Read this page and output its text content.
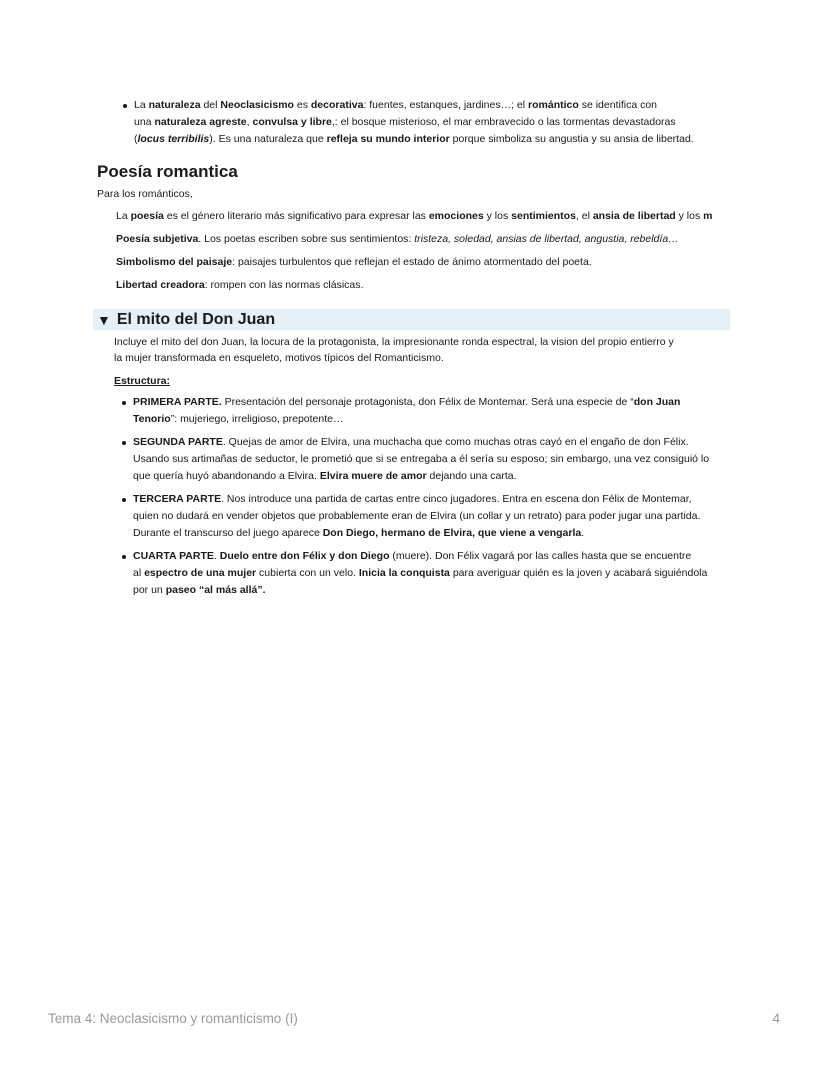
La naturaleza del Neoclasicismo es decorativa: fuentes, estanques, jardines…; el romántico se identifica con
una naturaleza agreste, convulsa y libre,: el bosque misterioso, el mar embravecido o las tormentas devastadoras
(locus terribilis). Es una naturaleza que refleja su mundo interior porque simboliza su angustia y su ansia de libertad.
Poesía romantica

Para los románticos,

La poesía es el género literario más significativo para expresar las emociones y los sentimientos, el ansia de libertad y los m
Poesía subjetiva. Los poetas escriben sobre sus sentimientos: tristeza, soledad, ansias de libertad, angustia, rebeldía…
Simbolismo del paisaje: paisajes turbulentos que reflejan el estado de ánimo atormentado del poeta.
Libertad creadora: rompen con las normas clásicas.
▼ El mito del Don Juan

Incluye el mito del don Juan, la locura de la protagonista, la impresionante ronda espectral, la vision del propio entierro y
la mujer transformada en esqueleto, motivos típicos del Romanticismo.

Estructura:

PRIMERA PARTE. Presentación del personaje protagonista, don Félix de Montemar. Será una especie de “don Juan
Tenorio”: mujeriego, irreligioso, prepotente…
SEGUNDA PARTE. Quejas de amor de Elvira, una muchacha que como muchas otras cayó en el engaño de don Félix.
Usando sus artimañas de seductor, le prometió que si se entregaba a él sería su esposo; sin embargo, una vez consiguió lo
que quería huyó abandonando a Elvira. Elvira muere de amor dejando una carta.
TERCERA PARTE. Nos introduce una partida de cartas entre cinco jugadores. Entra en escena don Félix de Montemar,
quien no dudará en vender objetos que probablemente eran de Elvira (un collar y un retrato) para poder jugar una partida.
Durante el transcurso del juego aparece Don Diego, hermano de Elvira, que viene a vengarla.
CUARTA PARTE. Duelo entre don Félix y don Diego (muere). Don Félix vagará por las calles hasta que se encuentre
al espectro de una mujer cubierta con un velo. Inicia la conquista para averiguar quién es la joven y acabará siguiéndola
por un paseo “al más allá”.
Tema 4: Neoclasicismo y romanticismo (I)	4
